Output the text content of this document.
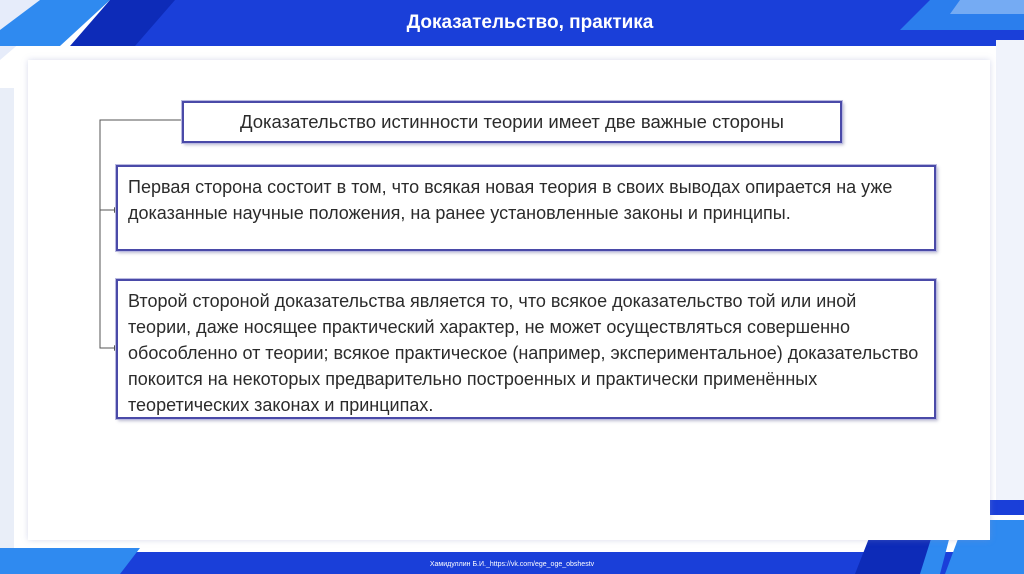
Доказательство, практика
Доказательство истинности теории имеет две важные стороны
Первая сторона состоит в том, что всякая новая теория в своих выводах опирается на уже доказанные научные положения, на ранее установленные законы и принципы.
Второй стороной доказательства является то, что всякое доказательство той или иной теории, даже носящее практический характер, не может осуществляться совершенно обособленно от теории; всякое практическое (например, экспериментальное) доказательство покоится на некоторых предварительно построенных и практически применённых теоретических законах и принципах.
Хамидуллин Б.И._https://vk.com/ege_oge_obshestv
